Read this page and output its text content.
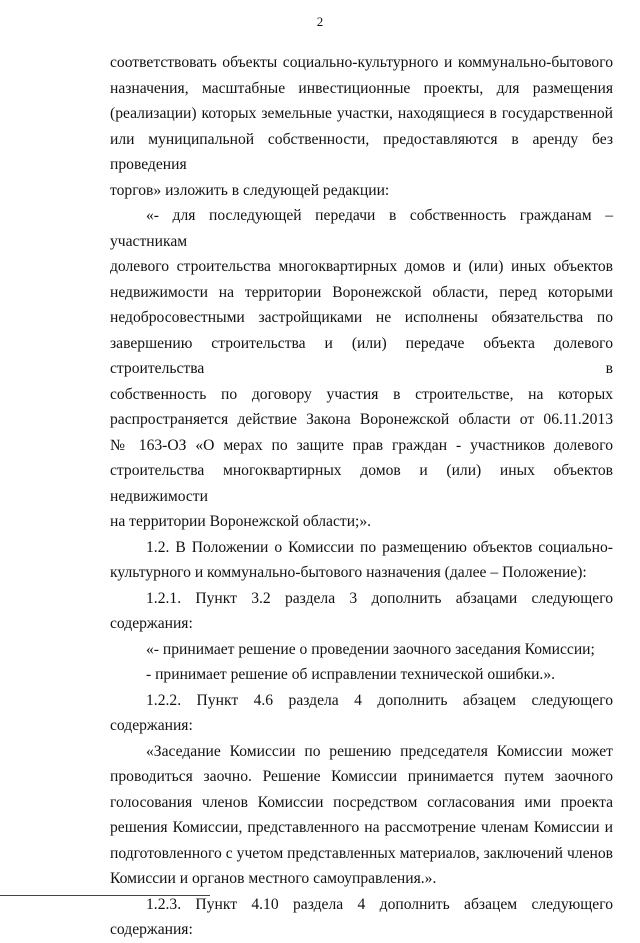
2

соответствовать объекты социально-культурного и коммунально-бытового
назначения, масштабные инвестиционные проекты, для размещения
(реализации) которых земельные участки, находящиеся в государственной
или муниципальной собственности, предоставляются в аренду без проведения

торгов» изложить в следующей редакции:

«- для последующей передачи в собственность гражданам – участникам
долевого строительства многоквартирных домов и (или) иных объектов
недвижимости на территории Воронежской области, перед которыми
недобросовестными застройщиками не исполнены обязательства по
завершению строительства и (или) передаче объекта долевого строительства в
собственность по договору участия в строительстве, на которых
распространяется действие Закона Воронежской области от 06.11.2013
№ 163-ОЗ «О мерах по защите прав граждан - участников долевого
строительства многоквартирных домов и (или) иных объектов недвижимости

на территории Воронежской области;».

1.2. В Положении о Комиссии по размещению объектов социально-

культурного и коммунально-бытового назначения (далее – Положение):

1.2.1. Пункт 3.2 раздела 3 дополнить абзацами следующего содержания:

«- принимает решение о проведении заочного заседания Комиссии;

- принимает решение об исправлении технической ошибки.».

1.2.2. Пункт 4.6 раздела 4 дополнить абзацем следующего содержания:

«Заседание Комиссии по решению председателя Комиссии может
проводиться заочно. Решение Комиссии принимается путем заочного
голосования членов Комиссии посредством согласования ими проекта
решения Комиссии, представленного на рассмотрение членам Комиссии и
подготовленного с учетом представленных материалов, заключений членов

Комиссии и органов местного самоуправления.».

1.2.3. Пункт 4.10 раздела 4 дополнить абзацем следующего содержания:
